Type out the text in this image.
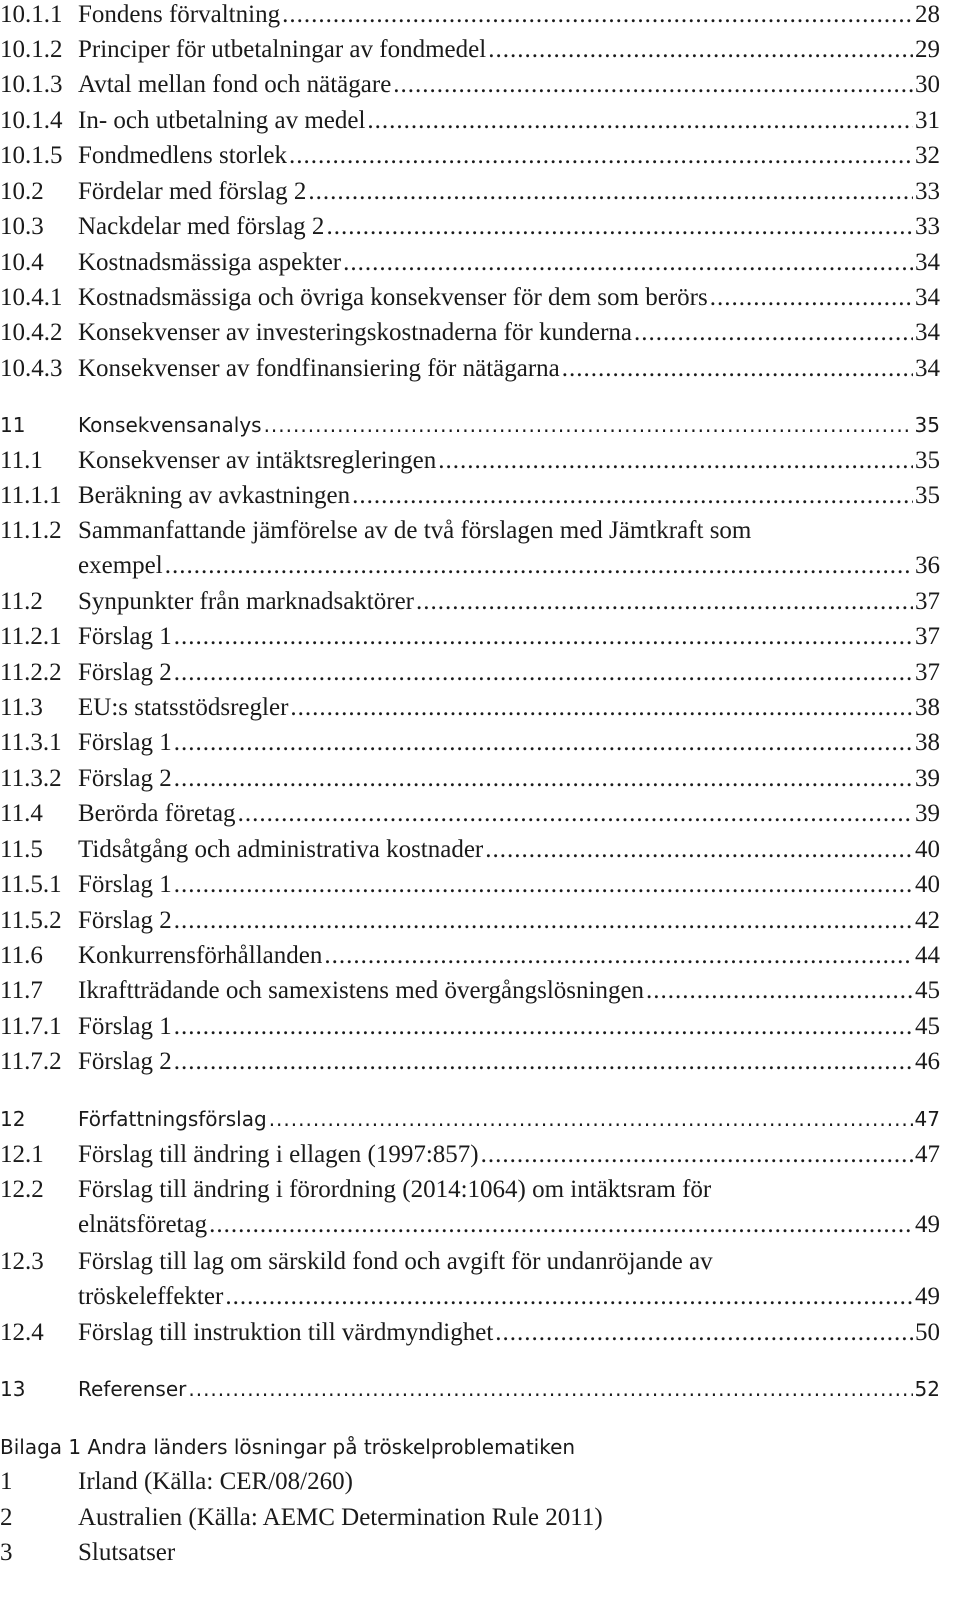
10.1.1 Fondens förvaltning .....	28
10.1.2 Principer för utbetalningar av fondmedel .....	29
10.1.3 Avtal mellan fond och nätägare .....	30
10.1.4 In- och utbetalning av medel .....	31
10.1.5 Fondmedlens storlek .....	32
10.2 Fördelar med förslag 2 .....	33
10.3 Nackdelar med förslag 2 .....	33
10.4 Kostnadsmässiga aspekter .....	34
10.4.1 Kostnadsmässiga och övriga konsekvenser för dem som berörs .....	34
10.4.2 Konsekvenser av investeringskostnaderna för kunderna .....	34
10.4.3 Konsekvenser av fondfinansiering för nätägarna .....	34
11	Konsekvensanalys .....	35
11.1 Konsekvenser av intäktsregleringen .....	35
11.1.1 Beräkning av avkastningen .....	35
11.1.2 Sammanfattande jämförelse av de två förslagen med Jämtkraft som
exempel .....	36
11.2 Synpunkter från marknadsaktörer .....	37
11.2.1 Förslag 1 .....	37
11.2.2 Förslag 2 .....	37
11.3 EU:s statsstödsregler .....	38
11.3.1 Förslag 1 .....	38
11.3.2 Förslag 2 .....	39
11.4 Berörda företag .....	39
11.5 Tidsåtgång och administrativa kostnader .....	40
11.5.1 Förslag 1 .....	40
11.5.2 Förslag 2 .....	42
11.6 Konkurrensförhållanden .....	44
11.7 Ikraftträdande och samexistens med övergångslösningen .....	45
11.7.1 Förslag 1 .....	45
11.7.2 Förslag 2 .....	46
12	Författningsförslag .....	47
12.1 Förslag till ändring i ellagen (1997:857) .....	47
12.2 Förslag till ändring i förordning (2014:1064) om intäktsram för
elnätsföretag .....	49
12.3 Förslag till lag om särskild fond och avgift för undanröjande av
tröskeleffekter .....	49
12.4 Förslag till instruktion till värdmyndighet .....	50
13	Referenser .....	52
Bilaga 1 Andra länders lösningar på tröskelproblematiken
1	Irland (Källa: CER/08/260)
2	Australien (Källa: AEMC Determination Rule 2011)
3	Slutsatser
